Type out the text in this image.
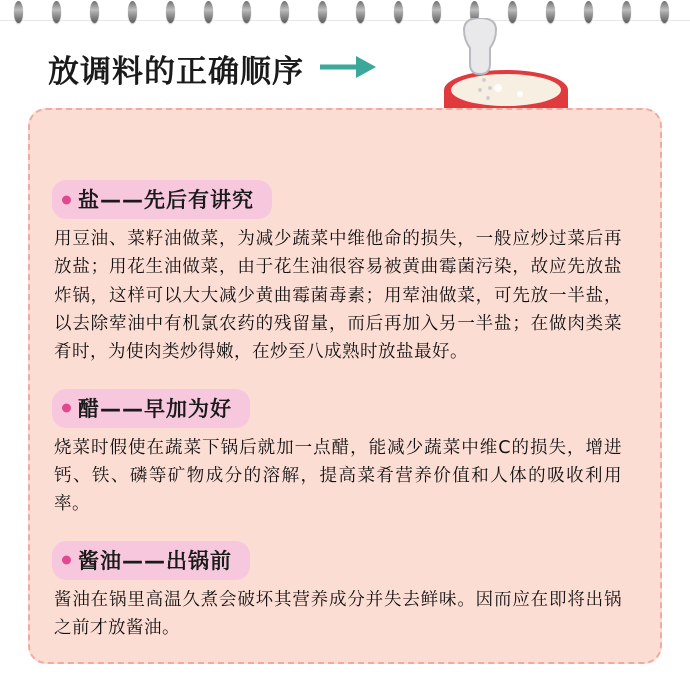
放调料的正确顺序
盐——先后有讲究
用豆油、菜籽油做菜，为减少蔬菜中维他命的损失，一般应炒过菜后再放盐；用花生油做菜，由于花生油很容易被黄曲霉菌污染，故应先放盐炸锅，这样可以大大减少黄曲霉菌毒素；用荤油做菜，可先放一半盐，以去除荤油中有机氯农药的残留量，而后再加入另一半盐；在做肉类菜肴时，为使肉类炒得嫩，在炒至八成熟时放盐最好。
醋——早加为好
烧菜时假使在蔬菜下锅后就加一点醋，能减少蔬菜中维C的损失，增进钙、铁、磷等矿物成分的溶解，提高菜肴营养价值和人体的吸收利用率。
酱油——出锅前
酱油在锅里高温久煮会破坏其营养成分并失去鲜味。因而应在即将出锅之前才放酱油。
